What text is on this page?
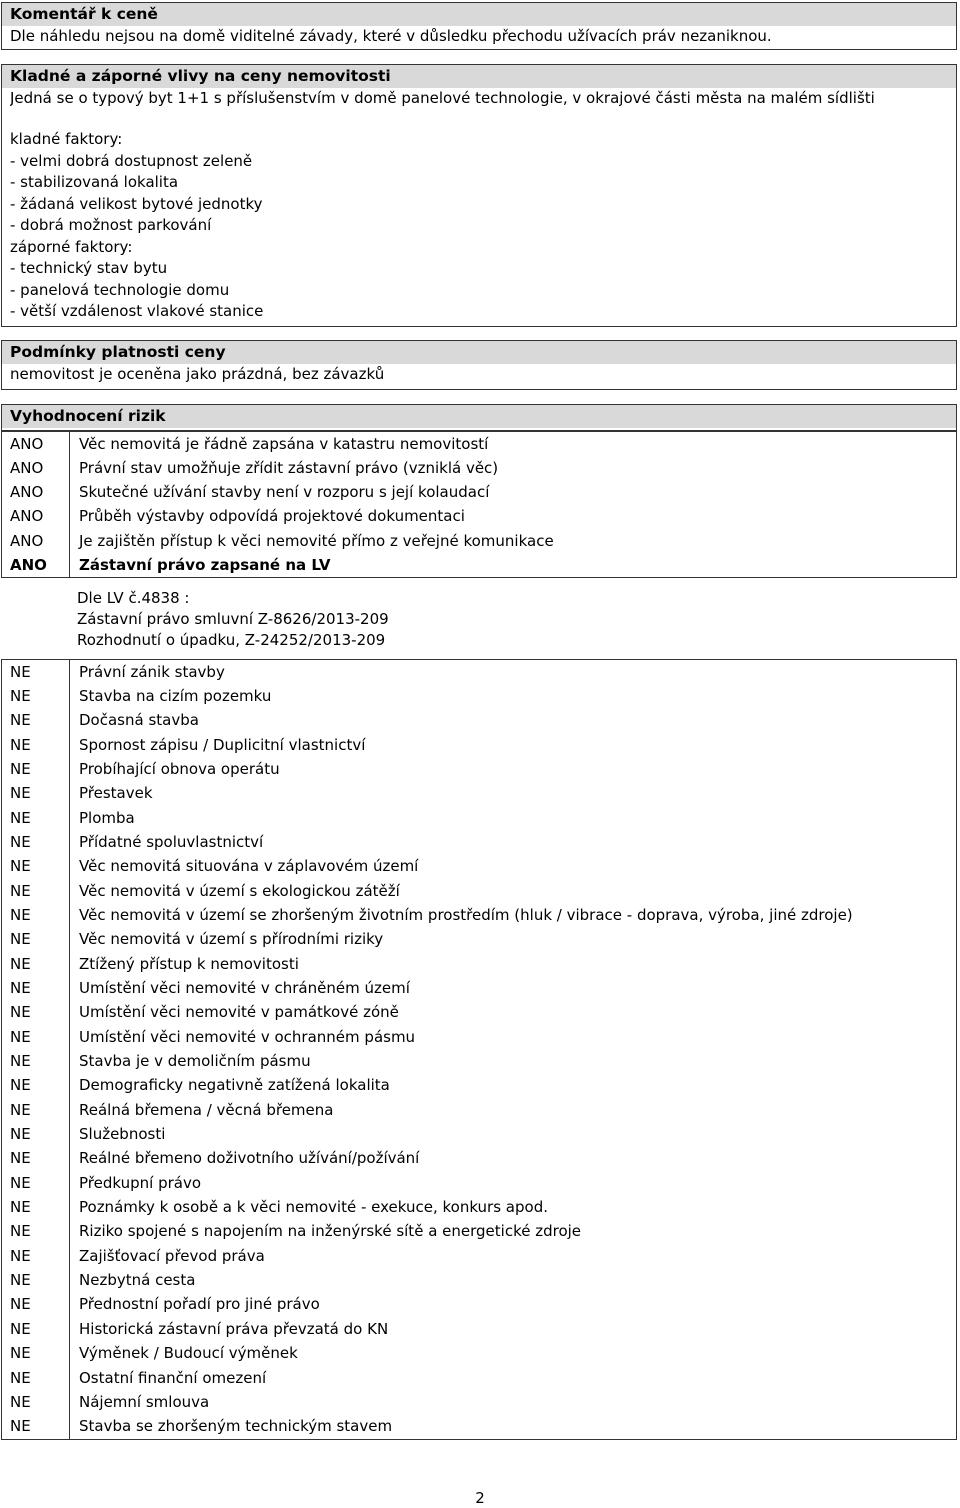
Komentář k ceně
Dle náhledu nejsou na domě viditelné závady, které v důsledku přechodu užívacích práv nezaniknou.
Kladné a záporné vlivy na ceny nemovitosti
Jedná se o typový byt 1+1 s příslušenstvím v domě panelové technologie, v okrajové části města na malém sídlišti
kladné faktory:
- velmi dobrá dostupnost zeleně
- stabilizovaná lokalita
- žádaná velikost bytové jednotky
- dobrá možnost parkování
záporné faktory:
- technický stav bytu
- panelová technologie domu
- větší vzdálenost vlakové stanice
Podmínky platnosti ceny
nemovitost je oceněna jako prázdná, bez závazků
Vyhodnocení rizik
ANO	Věc nemovitá je řádně zapsána v katastru nemovitostí
ANO	Právní stav umožňuje zřídit zástavní právo (vzniklá věc)
ANO	Skutečné užívání stavby není v rozporu s její kolaudací
ANO	Průběh výstavby odpovídá projektové dokumentaci
ANO	Je zajištěn přístup k věci nemovité přímo z veřejné komunikace
ANO	Zástavní právo zapsané na LV
Dle LV č.4838 :
Zástavní právo smluvní Z-8626/2013-209
Rozhodnutí o úpadku, Z-24252/2013-209
NE	Právní zánik stavby
NE	Stavba na cizím pozemku
NE	Dočasná stavba
NE	Spornost zápisu / Duplicitní vlastnictví
NE	Probíhající obnova operátu
NE	Přestavek
NE	Plomba
NE	Přídatné spoluvlastnictví
NE	Věc nemovitá situována v záplavovém území
NE	Věc nemovitá v území s ekologickou zátěží
NE	Věc nemovitá v území se zhoršeným životním prostředím (hluk / vibrace - doprava, výroba, jiné zdroje)
NE	Věc nemovitá v území s přírodními riziky
NE	Ztížený přístup k nemovitosti
NE	Umístění věci nemovité v chráněném území
NE	Umístění věci nemovité v památkové zóně
NE	Umístění věci nemovité v ochranném pásmu
NE	Stavba je v demoličním pásmu
NE	Demograficky negativně zatížená lokalita
NE	Reálná břemena / věcná břemena
NE	Služebnosti
NE	Reálné břemeno doživotního užívání/požívání
NE	Předkupní právo
NE	Poznámky k osobě a k věci nemovité - exekuce, konkurs apod.
NE	Riziko spojené s napojením na inženýrské sítě a energetické zdroje
NE	Zajišťovací převod práva
NE	Nezbytná cesta
NE	Přednostní pořadí pro jiné právo
NE	Historická zástavní práva převzatá do KN
NE	Výměnek / Budoucí výměnek
NE	Ostatní finanční omezení
NE	Nájemní smlouva
NE	Stavba se zhoršeným technickým stavem
2
